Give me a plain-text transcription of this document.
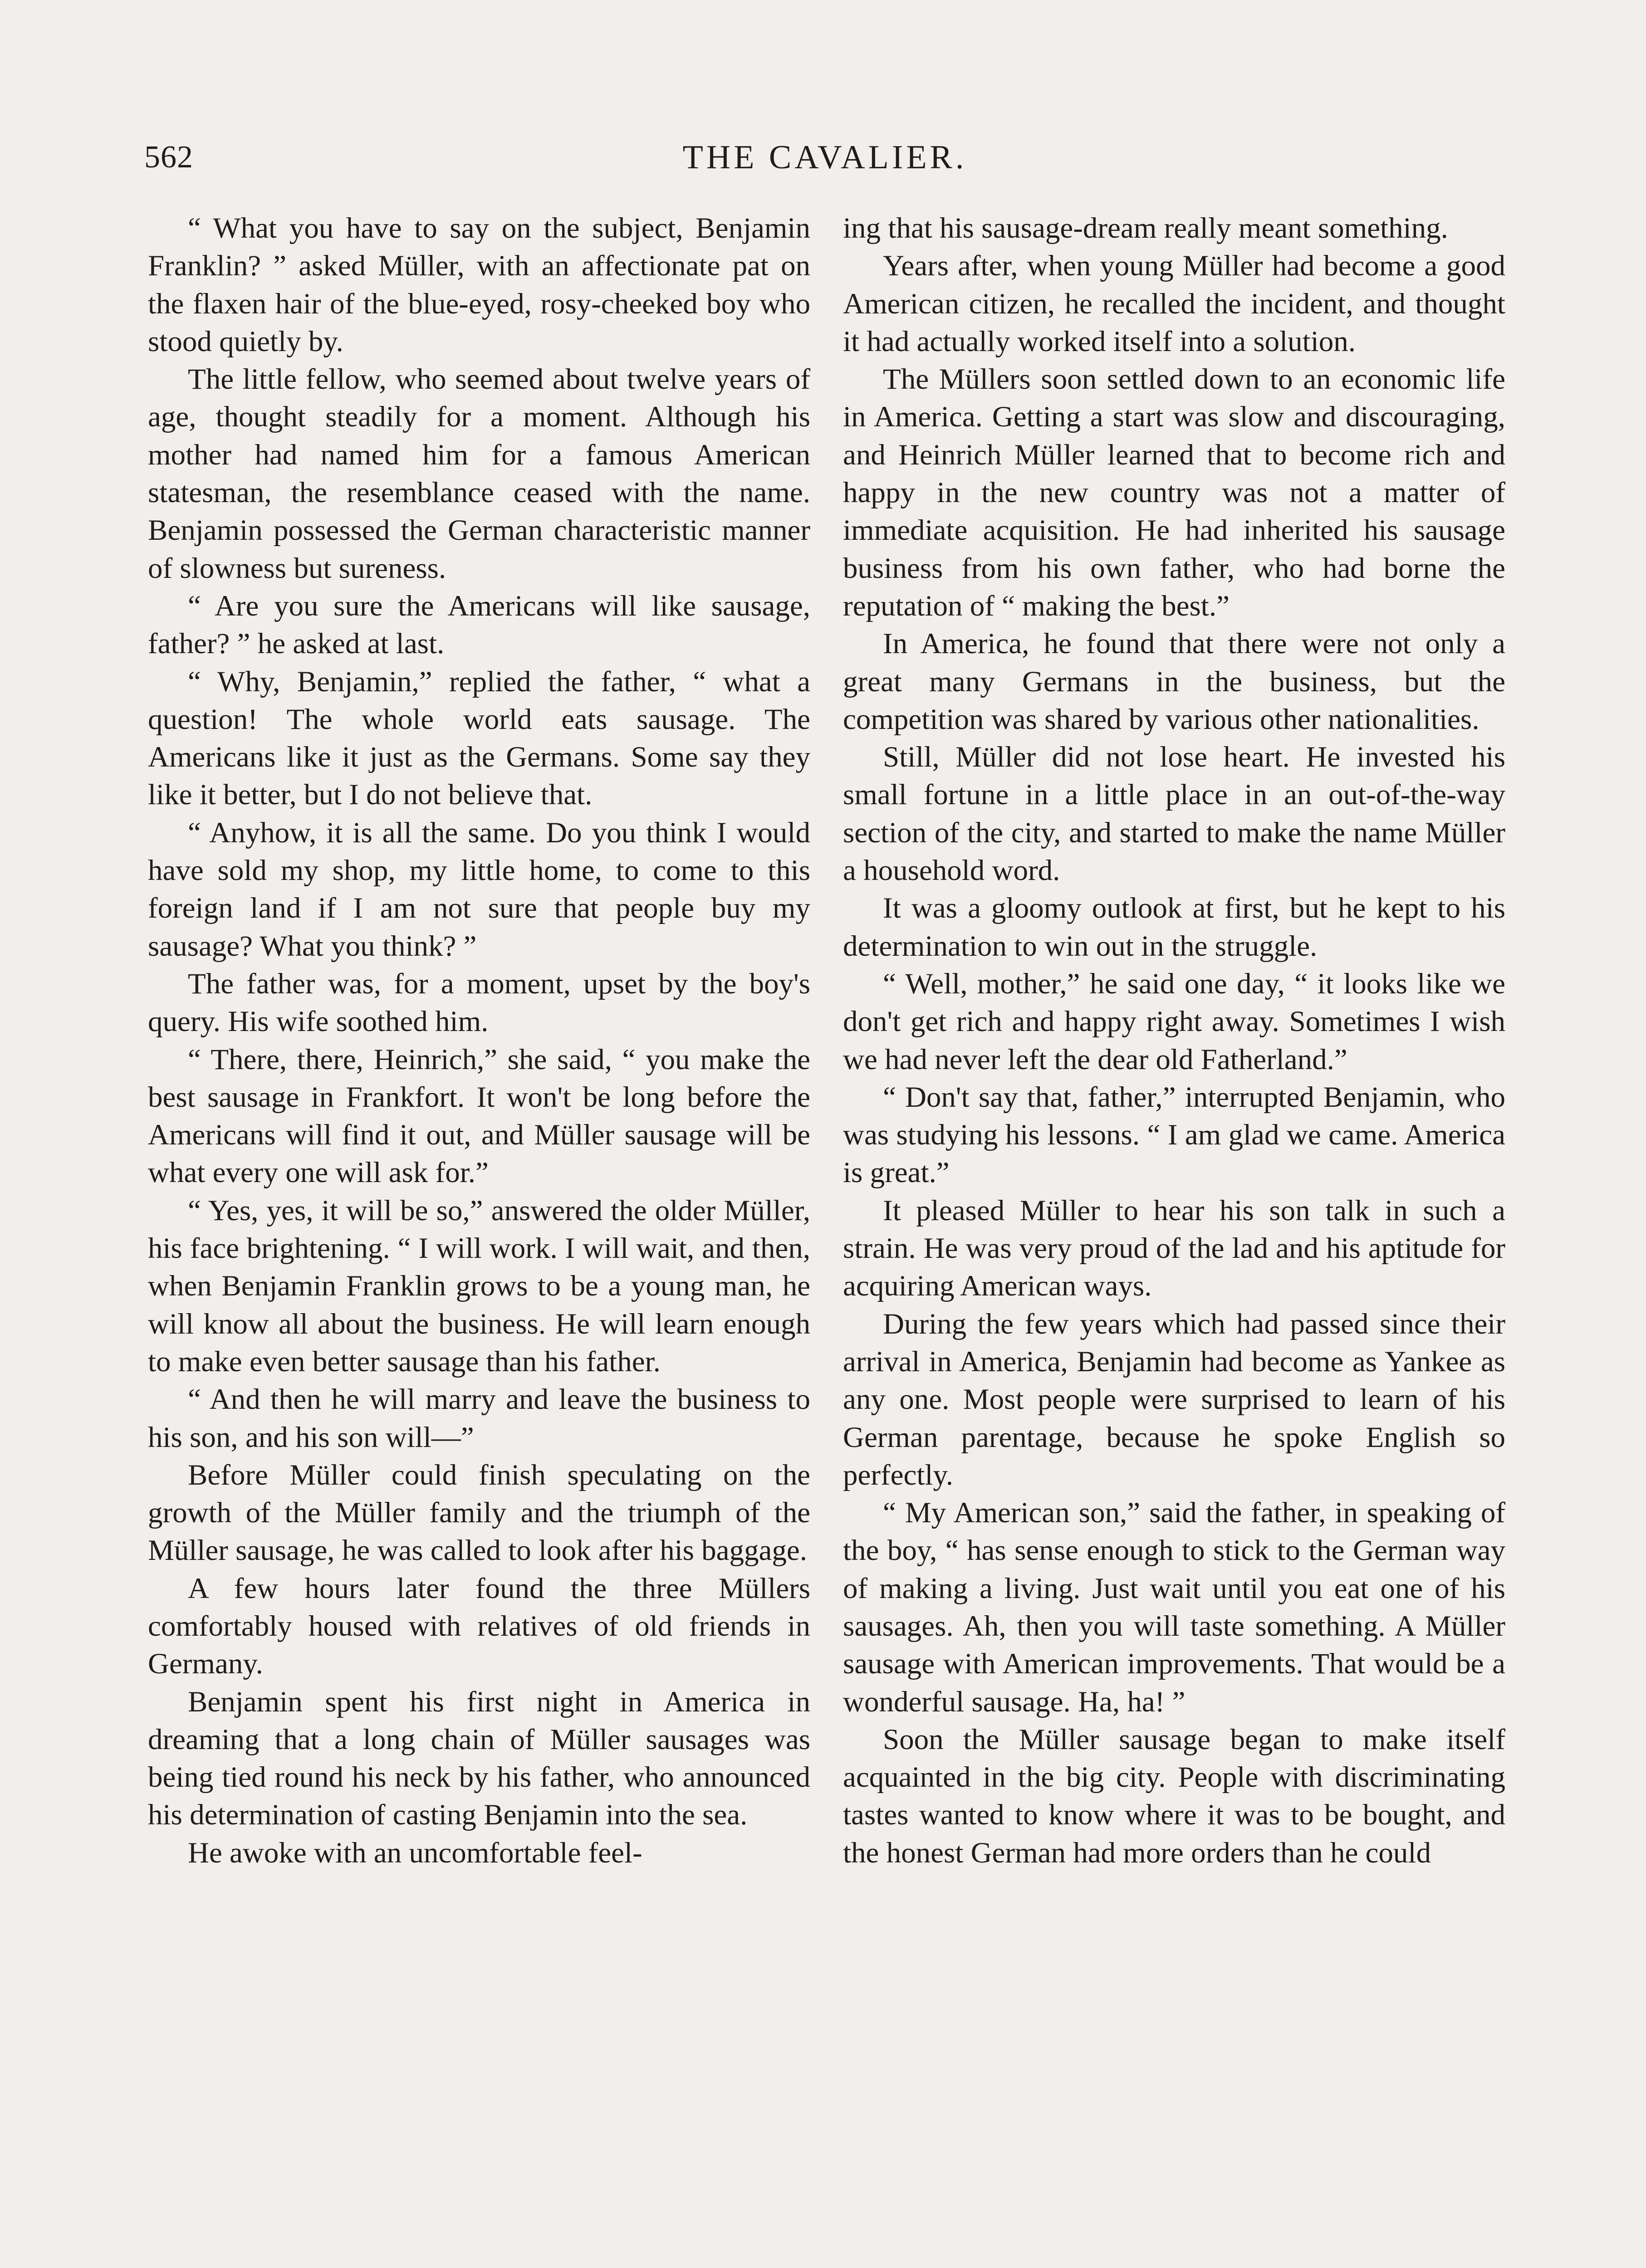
562	THE CAVALIER.

“ What you have to say on the subject, Benjamin Franklin? ” asked Müller, with an affectionate pat on the flaxen hair of the blue-eyed, rosy-cheeked boy who stood quietly by.

The little fellow, who seemed about twelve years of age, thought steadily for a moment. Although his mother had named him for a famous American statesman, the resemblance ceased with the name. Benjamin possessed the German characteristic manner of slowness but sureness.

“ Are you sure the Americans will like sausage, father? ” he asked at last.

“ Why, Benjamin,” replied the father, “ what a question! The whole world eats sausage. The Americans like it just as the Germans. Some say they like it better, but I do not believe that.

“ Anyhow, it is all the same. Do you think I would have sold my shop, my little home, to come to this foreign land if I am not sure that people buy my sausage? What you think? ”

The father was, for a moment, upset by the boy's query. His wife soothed him.

“ There, there, Heinrich,” she said, “ you make the best sausage in Frankfort. It won't be long before the Americans will find it out, and Müller sausage will be what every one will ask for.”

“ Yes, yes, it will be so,” answered the older Müller, his face brightening. “ I will work. I will wait, and then, when Benjamin Franklin grows to be a young man, he will know all about the business. He will learn enough to make even better sausage than his father.

“ And then he will marry and leave the business to his son, and his son will—”

Before Müller could finish speculating on the growth of the Müller family and the triumph of the Müller sausage, he was called to look after his baggage.

A few hours later found the three Müllers comfortably housed with relatives of old friends in Germany.

Benjamin spent his first night in America in dreaming that a long chain of Müller sausages was being tied round his neck by his father, who announced his determination of casting Benjamin into the sea.

He awoke with an uncomfortable feel-

ing that his sausage-dream really meant something.

Years after, when young Müller had become a good American citizen, he recalled the incident, and thought it had actually worked itself into a solution.

The Müllers soon settled down to an economic life in America. Getting a start was slow and discouraging, and Heinrich Müller learned that to become rich and happy in the new country was not a matter of immediate acquisition. He had inherited his sausage business from his own father, who had borne the reputation of “ making the best.”

In America, he found that there were not only a great many Germans in the business, but the competition was shared by various other nationalities.

Still, Müller did not lose heart. He invested his small fortune in a little place in an out-of-the-way section of the city, and started to make the name Müller a household word.

It was a gloomy outlook at first, but he kept to his determination to win out in the struggle.

“ Well, mother,” he said one day, “ it looks like we don't get rich and happy right away. Sometimes I wish we had never left the dear old Fatherland.”

“ Don't say that, father,” interrupted Benjamin, who was studying his lessons. “ I am glad we came. America is great.”

It pleased Müller to hear his son talk in such a strain. He was very proud of the lad and his aptitude for acquiring American ways.

During the few years which had passed since their arrival in America, Benjamin had become as Yankee as any one. Most people were surprised to learn of his German parentage, because he spoke English so perfectly.

“ My American son,” said the father, in speaking of the boy, “ has sense enough to stick to the German way of making a living. Just wait until you eat one of his sausages. Ah, then you will taste something. A Müller sausage with American improvements. That would be a wonderful sausage. Ha, ha! ”

Soon the Müller sausage began to make itself acquainted in the big city. People with discriminating tastes wanted to know where it was to be bought, and the honest German had more orders than he could
